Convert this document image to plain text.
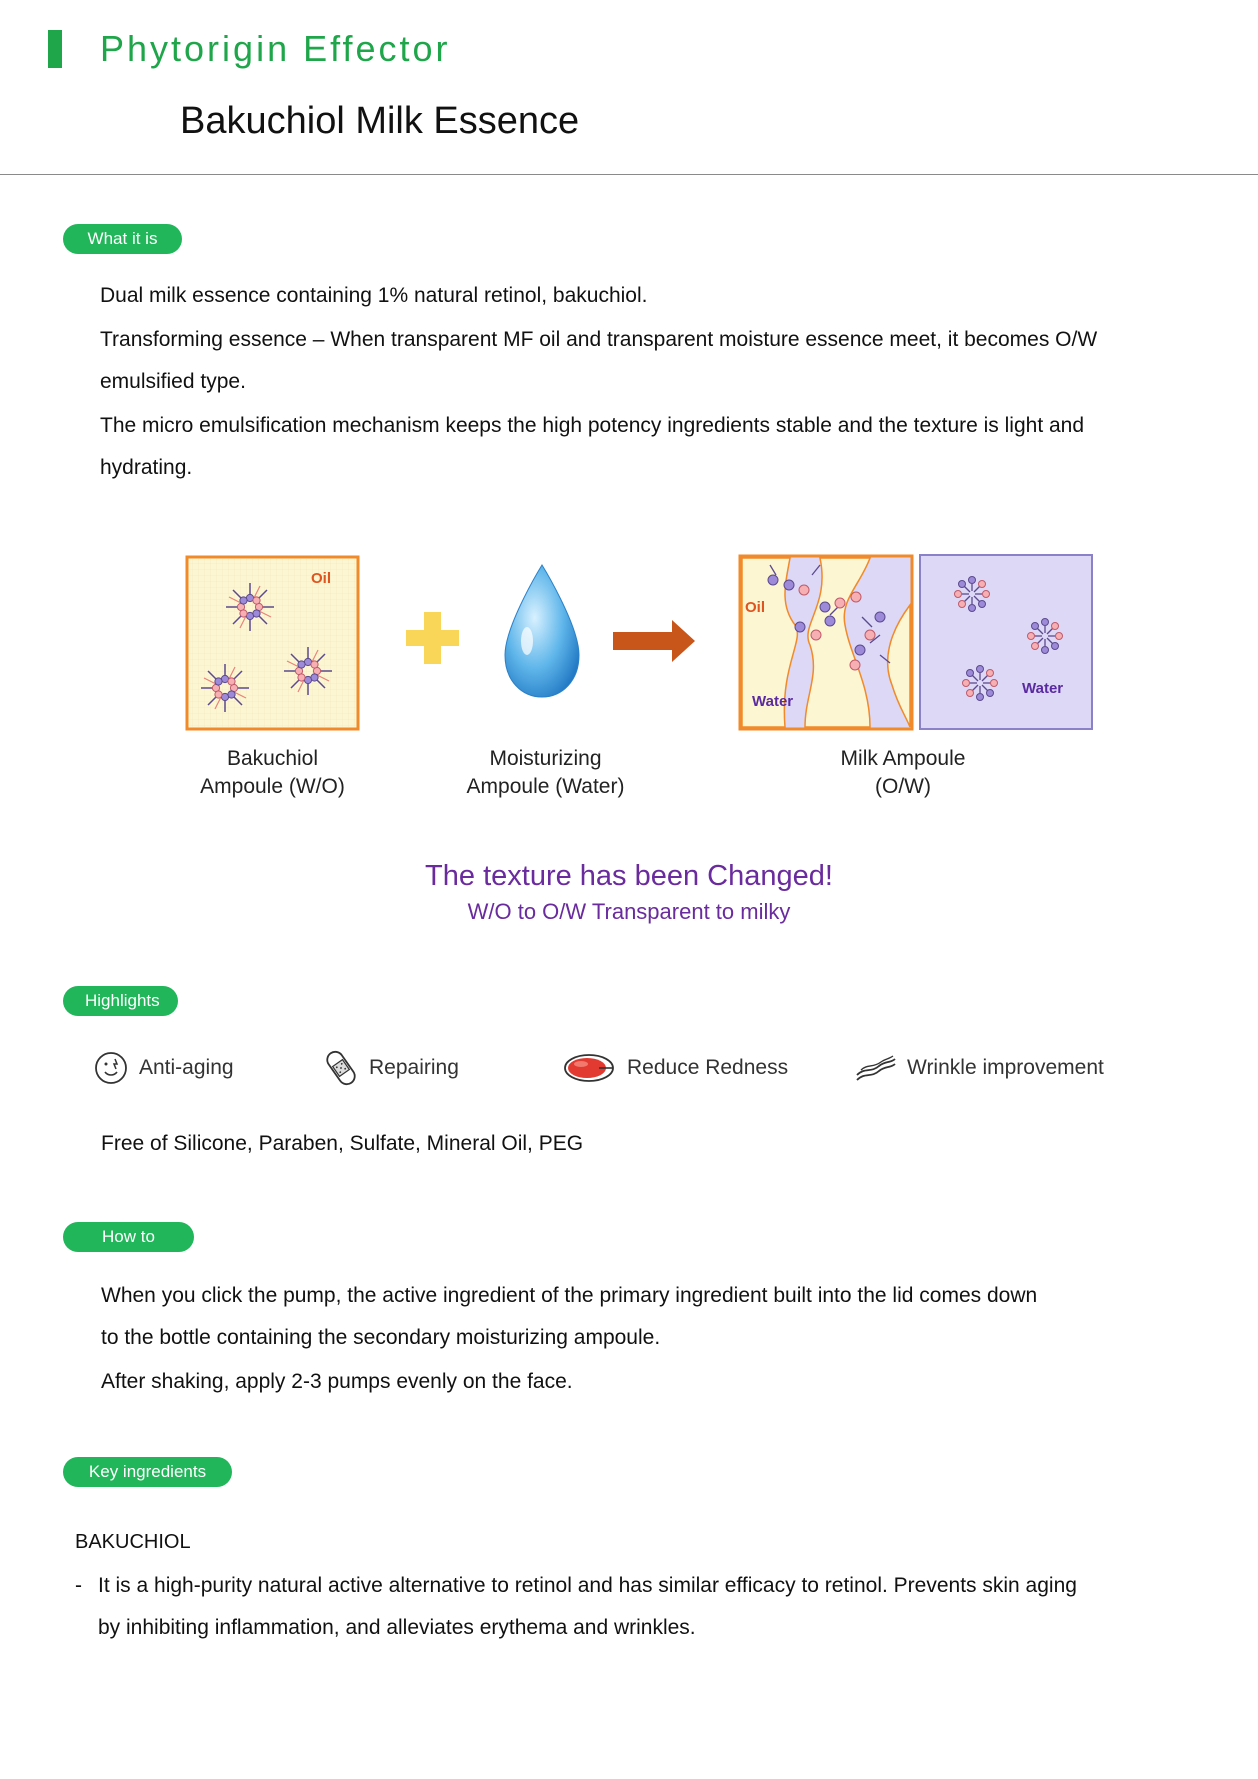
Phytorigin Effector
Bakuchiol Milk Essence
What it is
Dual milk essence containing 1% natural retinol, bakuchiol.
Transforming essence – When transparent MF oil and transparent moisture essence meet, it becomes O/W
emulsified type.
The micro emulsification mechanism keeps the high potency ingredients stable and the texture is light and
hydrating.
Oil
Oil
Water
Water
Bakuchiol
Ampoule (W/O)
Moisturizing
Ampoule (Water)
Milk Ampoule
(O/W)
The texture has been Changed!
W/O to O/W Transparent to milky
Highlights
Anti-aging	Repairing	Reduce Redness	Wrinkle improvement
Free of Silicone, Paraben, Sulfate, Mineral Oil, PEG
How to Use
When you click the pump, the active ingredient of the primary ingredient built into the lid comes down
to the bottle containing the secondary moisturizing ampoule.
After shaking, apply 2-3 pumps evenly on the face.
Key ingredients
BAKUCHIOL
- It is a high-purity natural active alternative to retinol and has similar efficacy to retinol. Prevents skin aging
by inhibiting inflammation, and alleviates erythema and wrinkles.
